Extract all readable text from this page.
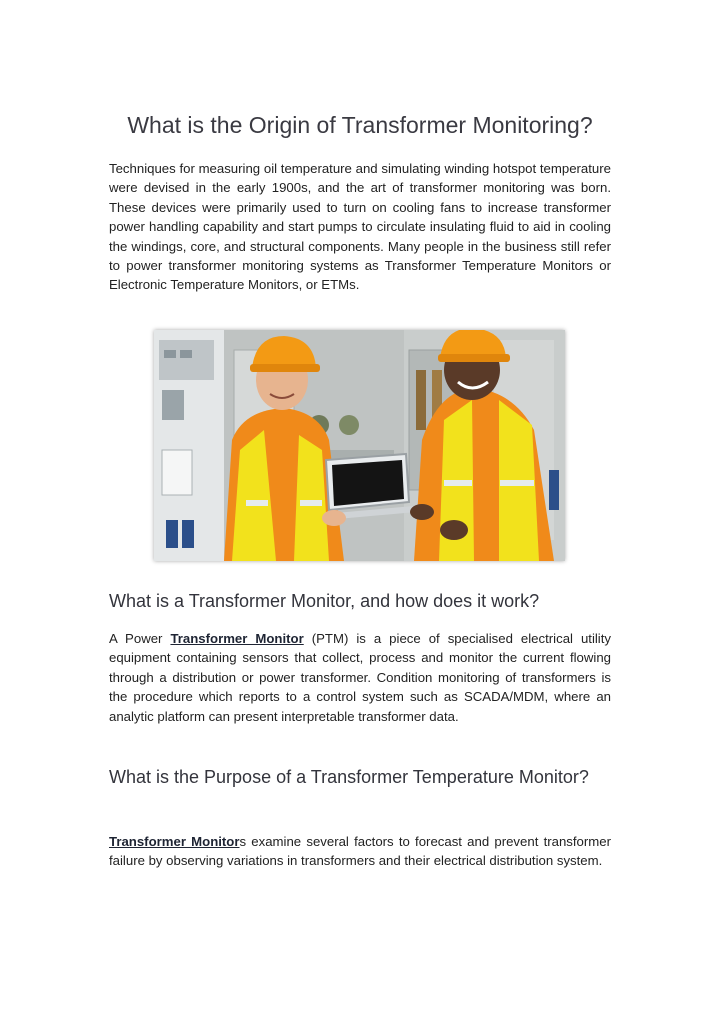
What is the Origin of Transformer Monitoring?

Techniques for measuring oil temperature and simulating winding hotspot temperature were devised in the early 1900s, and the art of transformer monitoring was born. These devices were primarily used to turn on cooling fans to increase transformer power handling capability and start pumps to circulate insulating fluid to aid in cooling the windings, core, and structural components. Many people in the business still refer to power transformer monitoring systems as Transformer Temperature Monitors or Electronic Temperature Monitors, or ETMs.

What is a Transformer Monitor, and how does it work?

A Power Transformer Monitor (PTM) is a piece of specialised electrical utility equipment containing sensors that collect, process and monitor the current flowing through a distribution or power transformer. Condition monitoring of transformers is the procedure which reports to a control system such as SCADA/MDM, where an analytic platform can present interpretable transformer data.

What is the Purpose of a Transformer Temperature Monitor?

Transformer Monitors examine several factors to forecast and prevent transformer failure by observing variations in transformers and their electrical distribution system.
